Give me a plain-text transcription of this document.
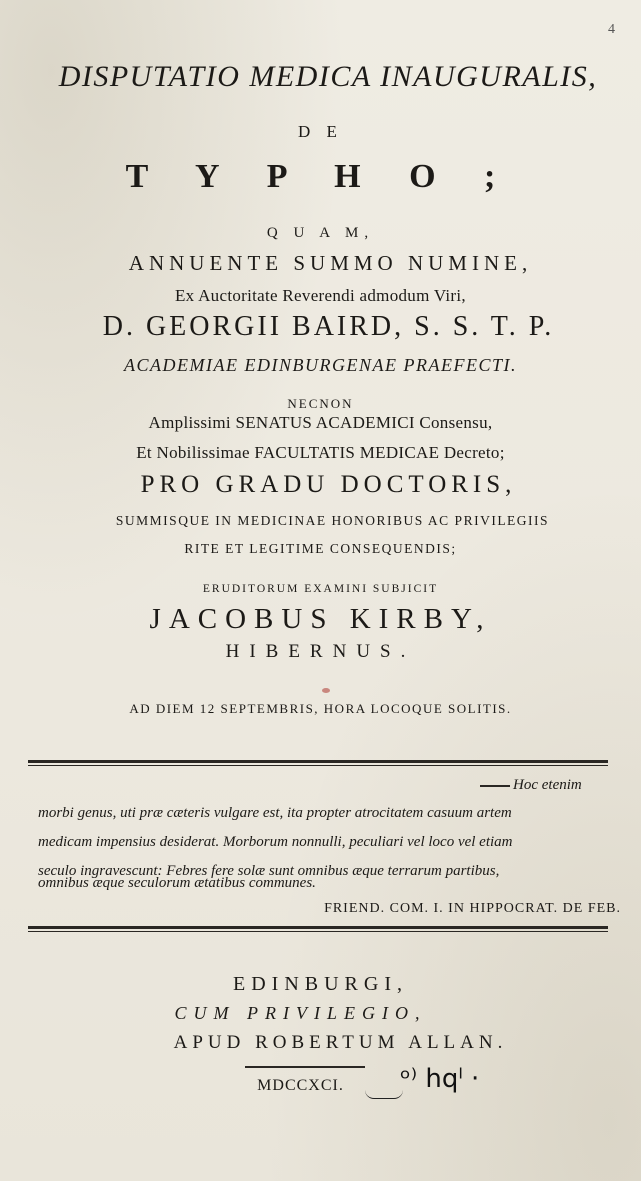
4
DISPUTATIO MEDICA INAUGURALIS,
D E
T Y P H O ;
Q U A M,
ANNUENTE SUMMO NUMINE,
Ex Auctoritate Reverendi admodum Viri,
D. GEORGII BAIRD, S. S. T. P.
ACADEMIAE EDINBURGENAE PRAEFECTI.
NECNON
Amplissimi SENATUS ACADEMICI Consensu,
Et Nobilissimae FACULTATIS MEDICAE Decreto;
PRO GRADU DOCTORIS,
SUMMISQUE IN MEDICINAE HONORIBUS AC PRIVILEGIIS
RITE ET LEGITIME CONSEQUENDIS;
ERUDITORUM EXAMINI SUBJICIT
JACOBUS KIRBY,
HIBERNUS.
AD DIEM 12 SEPTEMBRIS, HORA LOCOQUE SOLITIS.
Hoc etenim
morbi genus, uti præ cæteris vulgare est, ita propter atrocitatem casuum artem
medicam impensius desiderat. Morborum nonnulli, peculiari vel loco vel etiam
seculo ingravescunt: Febres fere solæ sunt omnibus æque terrarum partibus,
omnibus æque seculorum ætatibus communes.
FRIEND. COM. I. IN HIPPOCRAT. DE FEB.
EDINBURGI,
CUM PRIVILEGIO,
APUD ROBERTUM ALLAN.
MDCCXCI.	ᵒ⁾ hqˡ ·
